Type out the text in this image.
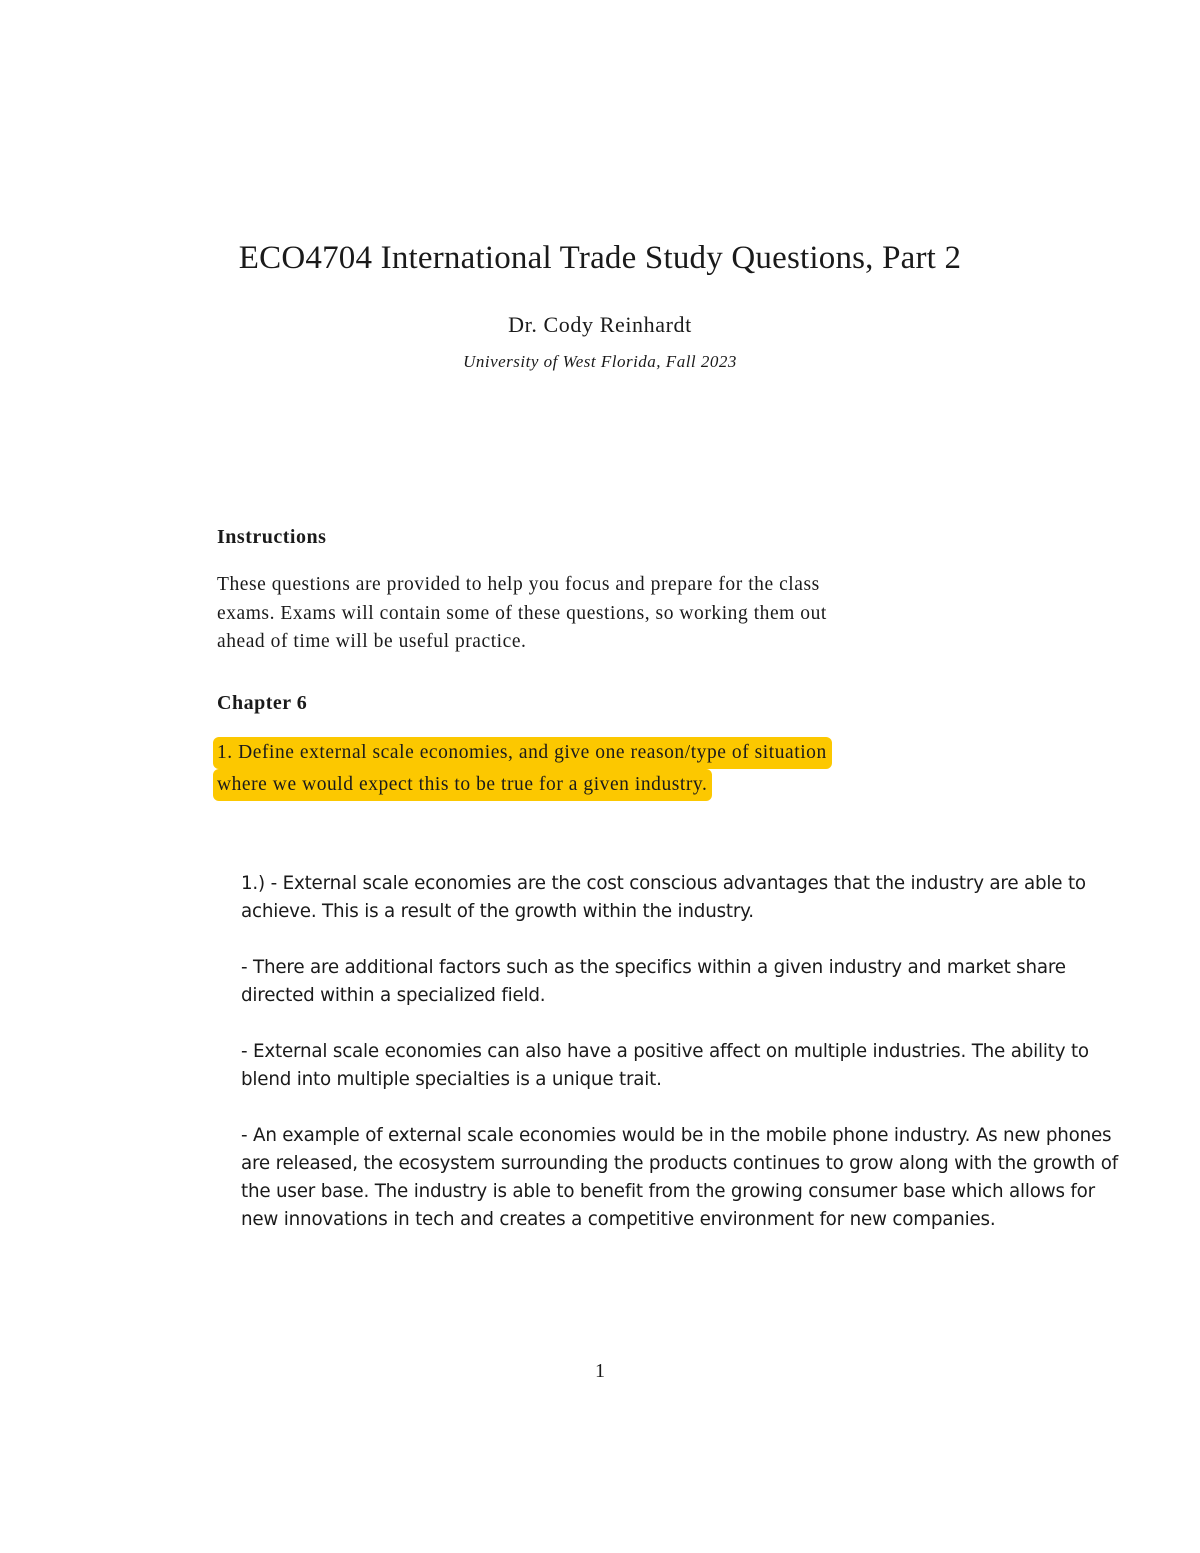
ECO4704 International Trade Study Questions, Part 2
Dr. Cody Reinhardt
University of West Florida, Fall 2023
Instructions
These questions are provided to help you focus and prepare for the class
exams. Exams will contain some of these questions, so working them out
ahead of time will be useful practice.
Chapter 6
1. Define external scale economies, and give one reason/type of situation
where we would expect this to be true for a given industry.

1.) - External scale economies are the cost conscious advantages that the industry are able to
achieve. This is a result of the growth within the industry.

- There are additional factors such as the specifics within a given industry and market share
directed within a specialized field.

- External scale economies can also have a positive affect on multiple industries. The ability to
blend into multiple specialties is a unique trait.

- An example of external scale economies would be in the mobile phone industry. As new phones
are released, the ecosystem surrounding the products continues to grow along with the growth of
the user base. The industry is able to benefit from the growing consumer base which allows for
new innovations in tech and creates a competitive environment for new companies.

1
